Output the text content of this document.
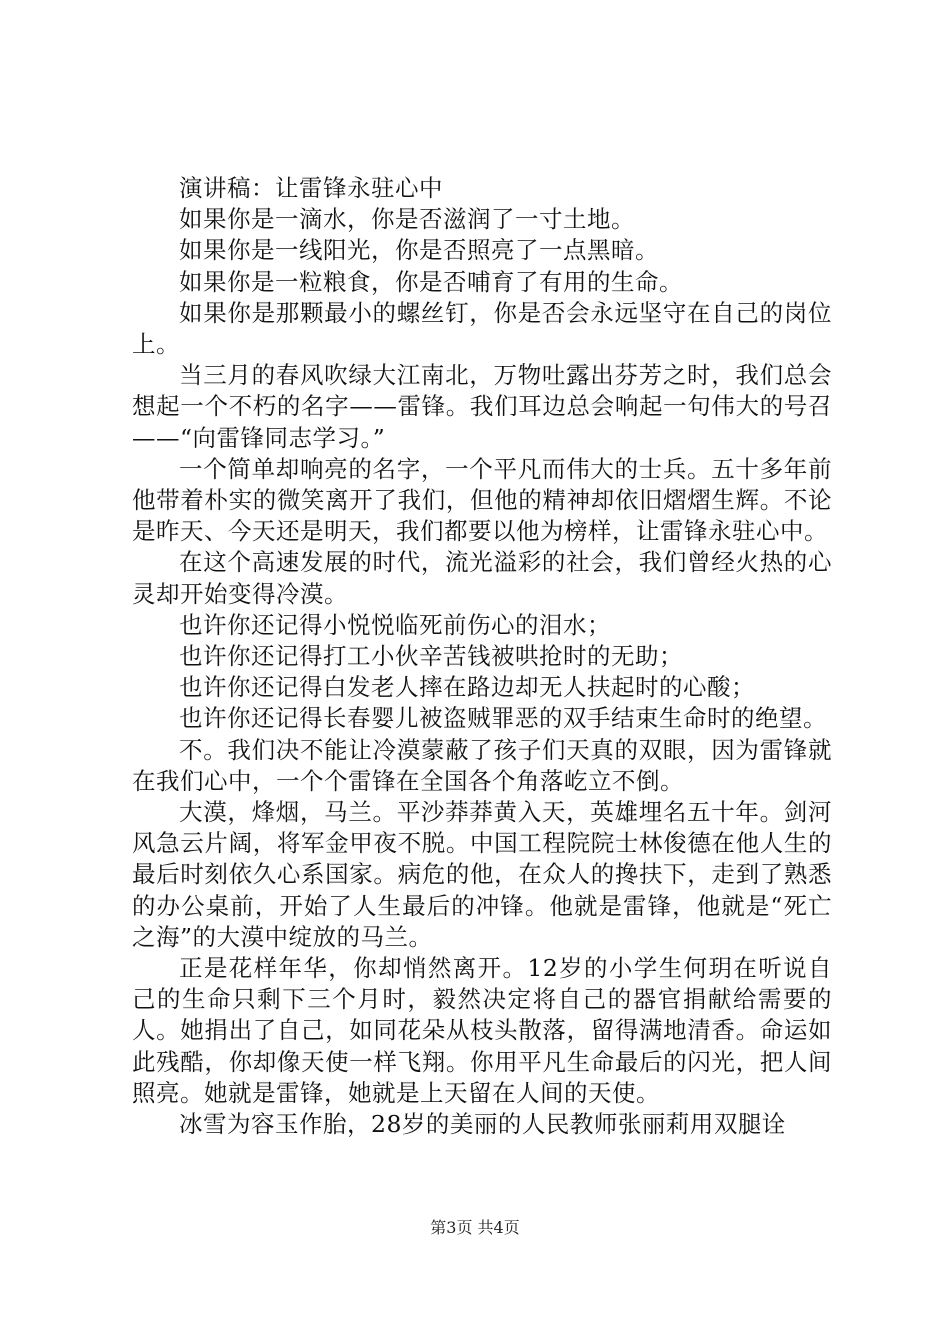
演讲稿：让雷锋永驻心中

如果你是一滴水，你是否滋润了一寸土地。

如果你是一线阳光，你是否照亮了一点黑暗。

如果你是一粒粮食，你是否哺育了有用的生命。

如果你是那颗最小的螺丝钉，你是否会永远坚守在自己的岗位上。

当三月的春风吹绿大江南北，万物吐露出芬芳之时，我们总会想起一个不朽的名字——雷锋。我们耳边总会响起一句伟大的号召——“向雷锋同志学习。”

一个简单却响亮的名字，一个平凡而伟大的士兵。五十多年前他带着朴实的微笑离开了我们，但他的精神却依旧熠熠生辉。不论是昨天、今天还是明天，我们都要以他为榜样，让雷锋永驻心中。

在这个高速发展的时代，流光溢彩的社会，我们曾经火热的心灵却开始变得冷漠。

也许你还记得小悦悦临死前伤心的泪水；

也许你还记得打工小伙辛苦钱被哄抢时的无助；

也许你还记得白发老人摔在路边却无人扶起时的心酸；

也许你还记得长春婴儿被盗贼罪恶的双手结束生命时的绝望。

不。我们决不能让冷漠蒙蔽了孩子们天真的双眼，因为雷锋就在我们心中，一个个雷锋在全国各个角落屹立不倒。

大漠，烽烟，马兰。平沙莽莽黄入天，英雄埋名五十年。剑河风急云片阔，将军金甲夜不脱。中国工程院院士林俊德在他人生的最后时刻依久心系国家。病危的他，在众人的搀扶下，走到了熟悉的办公桌前，开始了人生最后的冲锋。他就是雷锋，他就是“死亡之海”的大漠中绽放的马兰。

正是花样年华，你却悄然离开。12岁的小学生何玥在听说自己的生命只剩下三个月时，毅然决定将自己的器官捐献给需要的人。她捐出了自己，如同花朵从枝头散落，留得满地清香。命运如此残酷，你却像天使一样飞翔。你用平凡生命最后的闪光，把人间照亮。她就是雷锋，她就是上天留在人间的天使。

冰雪为容玉作胎，28岁的美丽的人民教师张丽莉用双腿诠

第3页 共4页
